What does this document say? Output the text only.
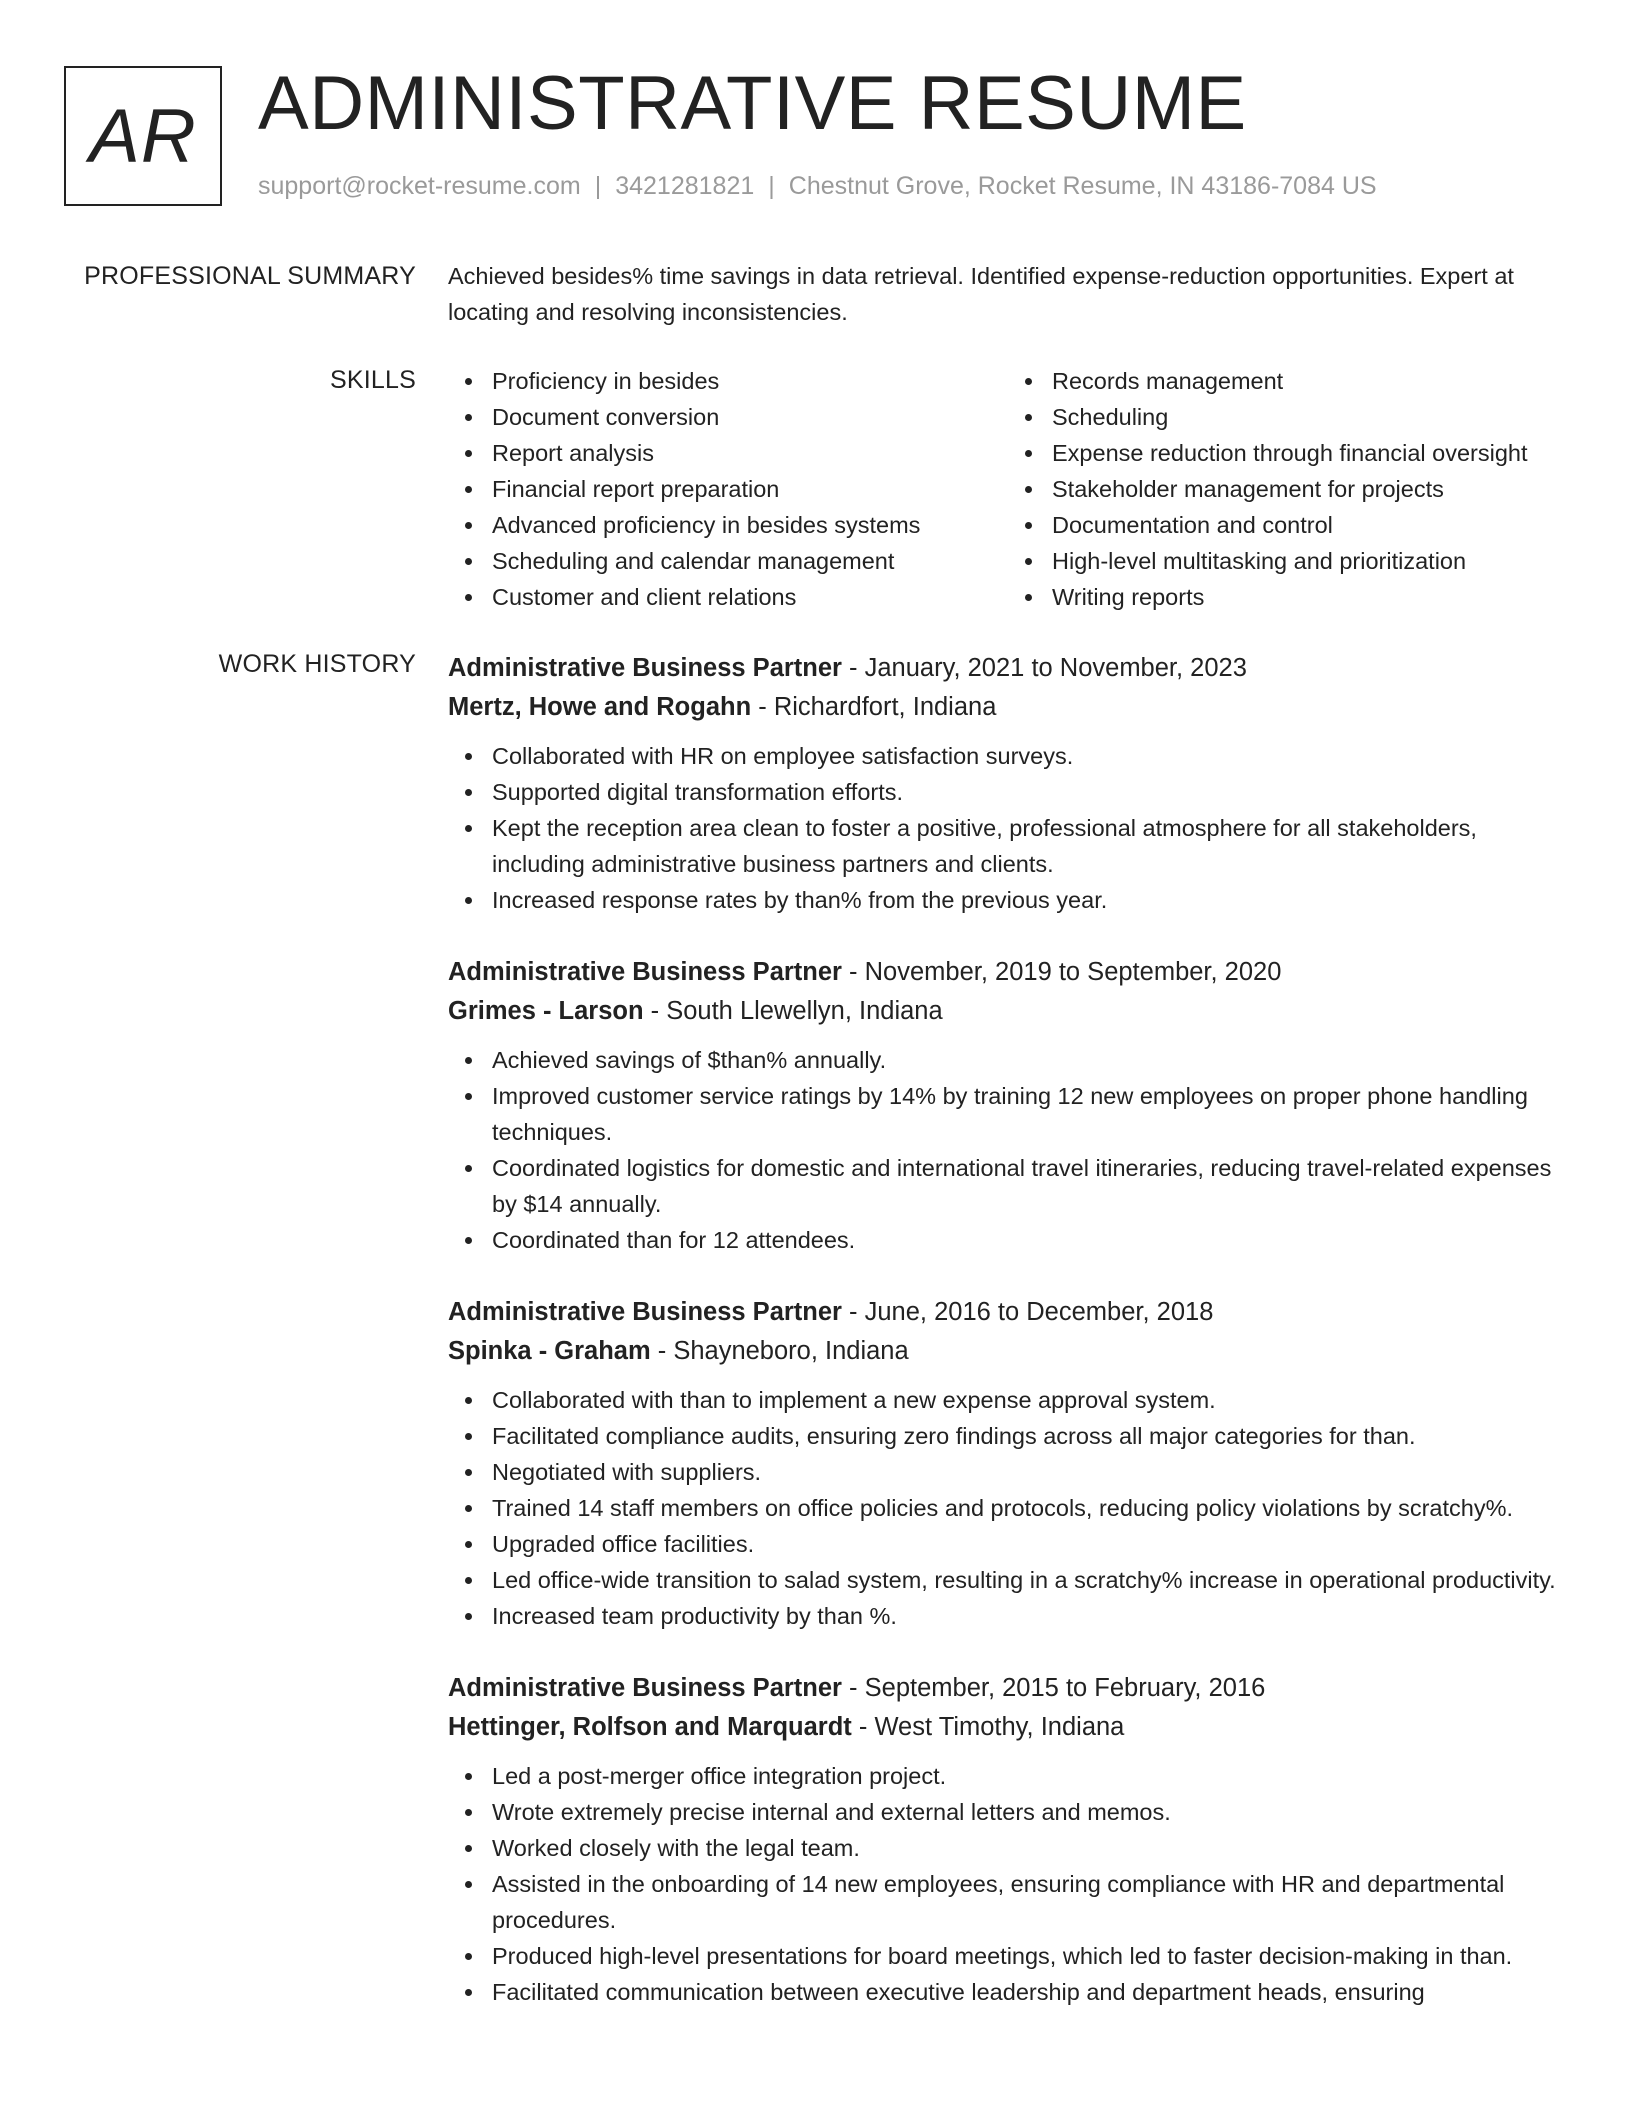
AR ADMINISTRATIVE RESUME
support@rocket-resume.com | 3421281821 | Chestnut Grove, Rocket Resume, IN 43186-7084 US
PROFESSIONAL SUMMARY Achieved besides% time savings in data retrieval. Identified expense-reduction opportunities. Expert at locating and resolving inconsistencies.
SKILLS	Proficiency in besides
Document conversion
Report analysis
Financial report preparation
Advanced proficiency in besides systems
Scheduling and calendar management
Customer and client relations
Records management
Scheduling
Expense reduction through financial oversight
Stakeholder management for projects
Documentation and control
High-level multitasking and prioritization
Writing reports
WORK HISTORY Administrative Business Partner - January, 2021 to November, 2023
Mertz, Howe and Rogahn - Richardfort, Indiana
Collaborated with HR on employee satisfaction surveys.
Supported digital transformation efforts.
Kept the reception area clean to foster a positive, professional atmosphere for all stakeholders, including administrative business partners and clients.
Increased response rates by than% from the previous year.
Administrative Business Partner - November, 2019 to September, 2020
Grimes - Larson - South Llewellyn, Indiana
Achieved savings of $than% annually.
Improved customer service ratings by 14% by training 12 new employees on proper phone handling techniques.
Coordinated logistics for domestic and international travel itineraries, reducing travel-related expenses by $14 annually.
Coordinated than for 12 attendees.
Administrative Business Partner - June, 2016 to December, 2018
Spinka - Graham - Shayneboro, Indiana
Collaborated with than to implement a new expense approval system.
Facilitated compliance audits, ensuring zero findings across all major categories for than.
Negotiated with suppliers.
Trained 14 staff members on office policies and protocols, reducing policy violations by scratchy%.
Upgraded office facilities.
Led office-wide transition to salad system, resulting in a scratchy% increase in operational productivity.
Increased team productivity by than %.
Administrative Business Partner - September, 2015 to February, 2016
Hettinger, Rolfson and Marquardt - West Timothy, Indiana
Led a post-merger office integration project.
Wrote extremely precise internal and external letters and memos.
Worked closely with the legal team.
Assisted in the onboarding of 14 new employees, ensuring compliance with HR and departmental procedures.
Produced high-level presentations for board meetings, which led to faster decision-making in than.
Facilitated communication between executive leadership and department heads, ensuring
